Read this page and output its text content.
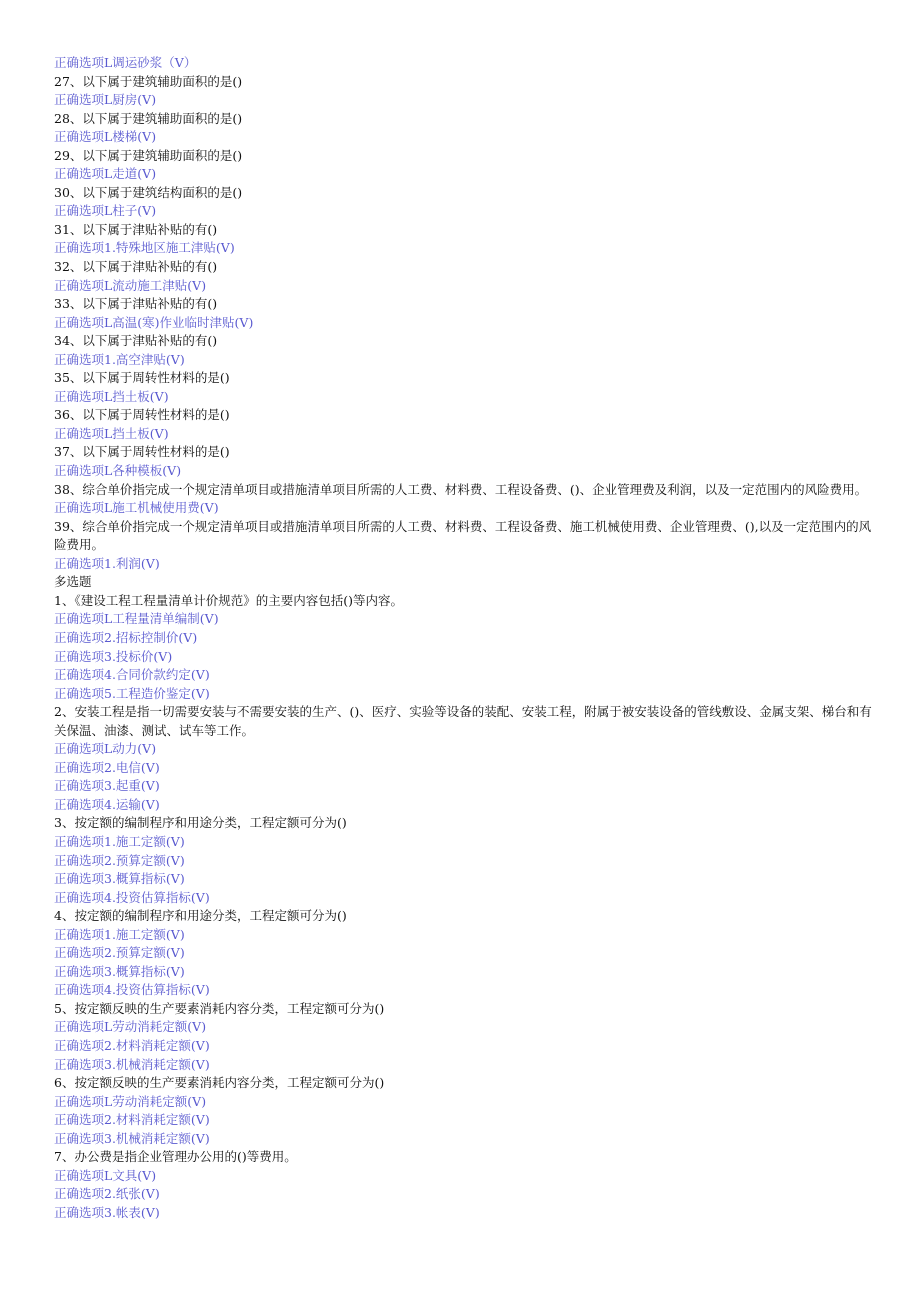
正确选项L调运砂浆（V）
27、以下属于建筑辅助面积的是()
正确选项L厨房(V)
28、以下属于建筑辅助面积的是()
正确选项L楼梯(V)
29、以下属于建筑辅助面积的是()
正确选项L走道(V)
30、以下属于建筑结构面积的是()
正确选项L柱子(V)
31、以下属于津贴补贴的有()
正确选项1.特殊地区施工津贴(V)
32、以下属于津贴补贴的有()
正确选项L流动施工津贴(V)
33、以下属于津贴补贴的有()
正确选项L高温(寒)作业临时津贴(V)
34、以下属于津贴补贴的有()
正确选项1.高空津贴(V)
35、以下属于周转性材料的是()
正确选项L挡土板(V)
36、以下属于周转性材料的是()
正确选项L挡土板(V)
37、以下属于周转性材料的是()
正确选项L各种模板(V)
38、综合单价指完成一个规定清单项目或措施清单项目所需的人工费、材料费、工程设备费、()、企业管理费及利润，以及一定范围内的风险费用。
正确选项L施工机械使用费(V)
39、综合单价指完成一个规定清单项目或措施清单项目所需的人工费、材料费、工程设备费、施工机械使用费、企业管理费、(),以及一定范围内的风险费用。
正确选项1.利润(V)
多选题
1、《建设工程工程量清单计价规范》的主要内容包括()等内容。
正确选项L工程量清单编制(V)
正确选项2.招标控制价(V)
正确选项3.投标价(V)
正确选项4.合同价款约定(V)
正确选项5.工程造价鉴定(V)
2、安装工程是指一切需要安装与不需要安装的生产、()、医疗、实验等设备的装配、安装工程，附属于被安装设备的管线敷设、金属支架、梯台和有关保温、油漆、测试、试车等工作。
正确选项L动力(V)
正确选项2.电信(V)
正确选项3.起重(V)
正确选项4.运输(V)
3、按定额的编制程序和用途分类，工程定额可分为()
正确选项1.施工定额(V)
正确选项2.预算定额(V)
正确选项3.概算指标(V)
正确选项4.投资估算指标(V)
4、按定额的编制程序和用途分类，工程定额可分为()
正确选项1.施工定额(V)
正确选项2.预算定额(V)
正确选项3.概算指标(V)
正确选项4.投资估算指标(V)
5、按定额反映的生产要素消耗内容分类，工程定额可分为()
正确选项L劳动消耗定额(V)
正确选项2.材料消耗定额(V)
正确选项3.机械消耗定额(V)
6、按定额反映的生产要素消耗内容分类，工程定额可分为()
正确选项L劳动消耗定额(V)
正确选项2.材料消耗定额(V)
正确选项3.机械消耗定额(V)
7、办公费是指企业管理办公用的()等费用。
正确选项L文具(V)
正确选项2.纸张(V)
正确选项3.帐表(V)
